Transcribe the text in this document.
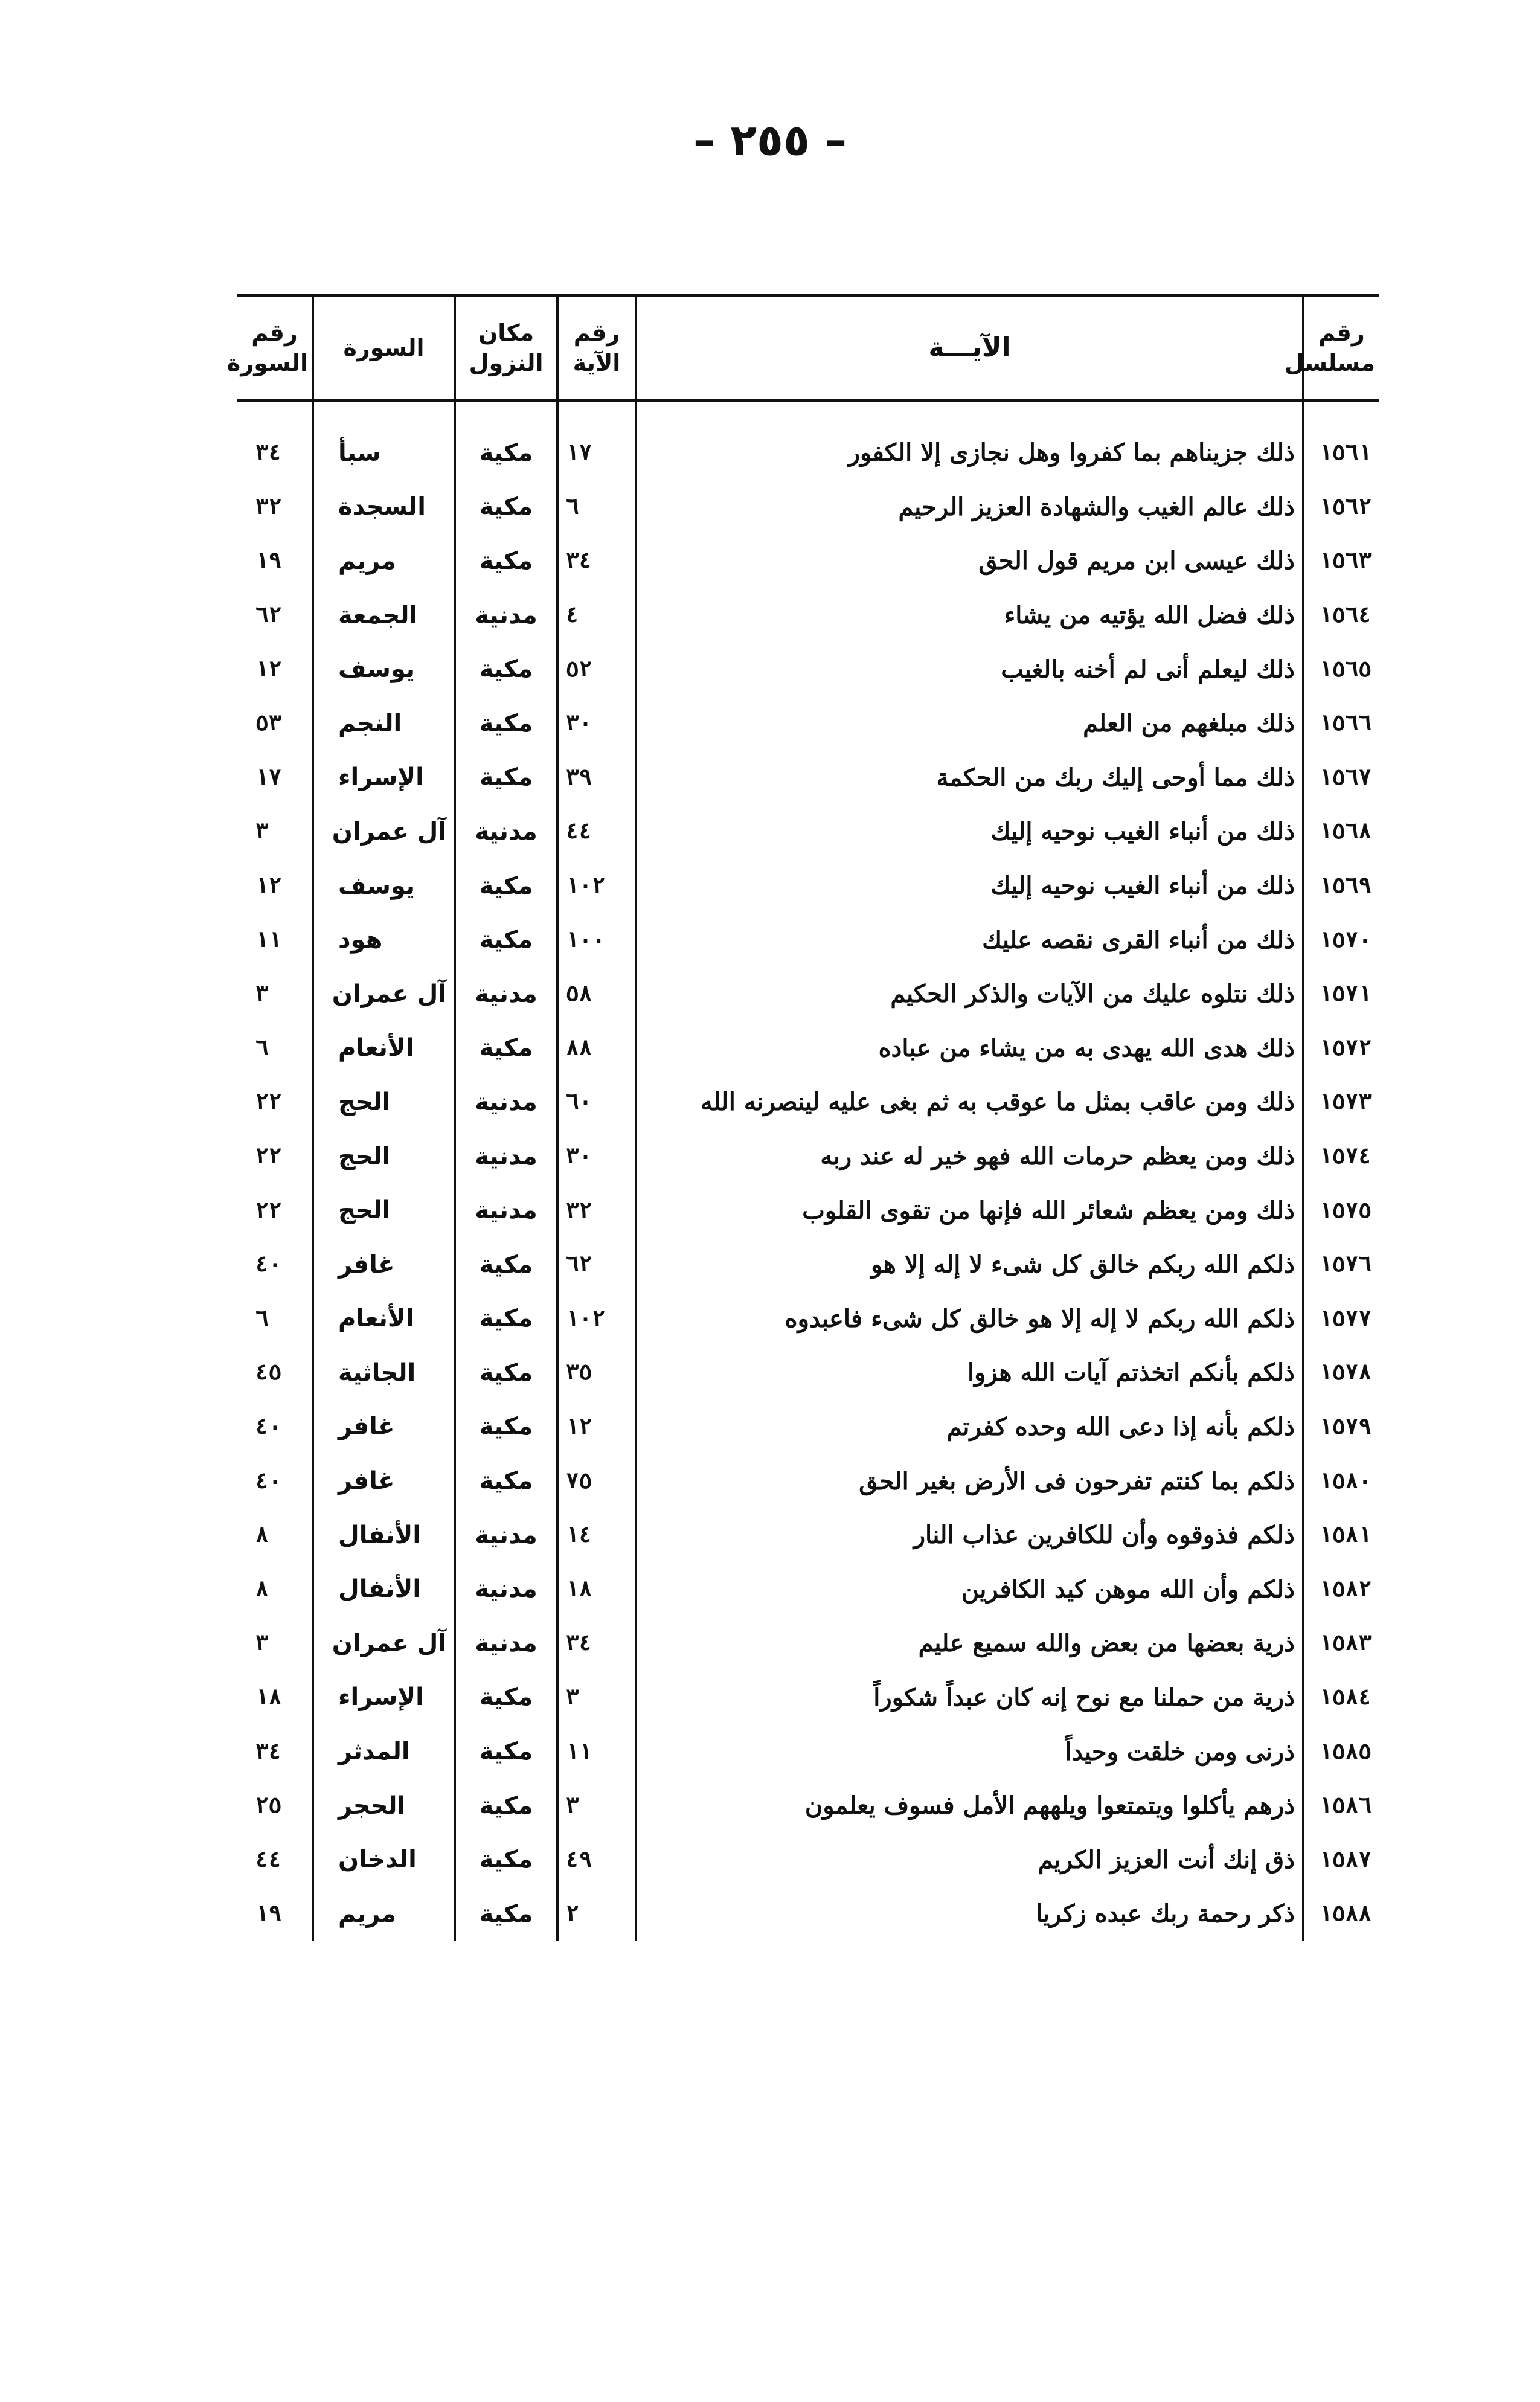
– ٢٥٥ –
رقم مسلسل	الآيـــة	رقم الآية	مكان النزول	السورة	رقم السورة
١٥٦١	ذلك جزيناهم بما كفروا وهل نجازى إلا الكفور	١٧	مكية	سبأ	٣٤
١٥٦٢	ذلك عالم الغيب والشهادة العزيز الرحيم	٦	مكية	السجدة	٣٢
١٥٦٣	ذلك عيسى ابن مريم قول الحق	٣٤	مكية	مريم	١٩
١٥٦٤	ذلك فضل الله يؤتيه من يشاء	٤	مدنية	الجمعة	٦٢
١٥٦٥	ذلك ليعلم أنى لم أخنه بالغيب	٥٢	مكية	يوسف	١٢
١٥٦٦	ذلك مبلغهم من العلم	٣٠	مكية	النجم	٥٣
١٥٦٧	ذلك مما أوحى إليك ربك من الحكمة	٣٩	مكية	الإسراء	١٧
١٥٦٨	ذلك من أنباء الغيب نوحيه إليك	٤٤	مدنية	آل عمران	٣
١٥٦٩	ذلك من أنباء الغيب نوحيه إليك	١٠٢	مكية	يوسف	١٢
١٥٧٠	ذلك من أنباء القرى نقصه عليك	١٠٠	مكية	هود	١١
١٥٧١	ذلك نتلوه عليك من الآيات والذكر الحكيم	٥٨	مدنية	آل عمران	٣
١٥٧٢	ذلك هدى الله يهدى به من يشاء من عباده	٨٨	مكية	الأنعام	٦
١٥٧٣	ذلك ومن عاقب بمثل ما عوقب به ثم بغى عليه لينصرنه الله	٦٠	مدنية	الحج	٢٢
١٥٧٤	ذلك ومن يعظم حرمات الله فهو خير له عند ربه	٣٠	مدنية	الحج	٢٢
١٥٧٥	ذلك ومن يعظم شعائر الله فإنها من تقوى القلوب	٣٢	مدنية	الحج	٢٢
١٥٧٦	ذلكم الله ربكم خالق كل شىء لا إله إلا هو	٦٢	مكية	غافر	٤٠
١٥٧٧	ذلكم الله ربكم لا إله إلا هو خالق كل شىء فاعبدوه	١٠٢	مكية	الأنعام	٦
١٥٧٨	ذلكم بأنكم اتخذتم آيات الله هزوا	٣٥	مكية	الجاثية	٤٥
١٥٧٩	ذلكم بأنه إذا دعى الله وحده كفرتم	١٢	مكية	غافر	٤٠
١٥٨٠	ذلكم بما كنتم تفرحون فى الأرض بغير الحق	٧٥	مكية	غافر	٤٠
١٥٨١	ذلكم فذوقوه وأن للكافرين عذاب النار	١٤	مدنية	الأنفال	٨
١٥٨٢	ذلكم وأن الله موهن كيد الكافرين	١٨	مدنية	الأنفال	٨
١٥٨٣	ذرية بعضها من بعض والله سميع عليم	٣٤	مدنية	آل عمران	٣
١٥٨٤	ذرية من حملنا مع نوح إنه كان عبداً شكوراً	٣	مكية	الإسراء	١٨
١٥٨٥	ذرنى ومن خلقت وحيداً	١١	مكية	المدثر	٣٤
١٥٨٦	ذرهم يأكلوا ويتمتعوا ويلههم الأمل فسوف يعلمون	٣	مكية	الحجر	٢٥
١٥٨٧	ذق إنك أنت العزيز الكريم	٤٩	مكية	الدخان	٤٤
١٥٨٨	ذكر رحمة ربك عبده زكريا	٢	مكية	مريم	١٩
